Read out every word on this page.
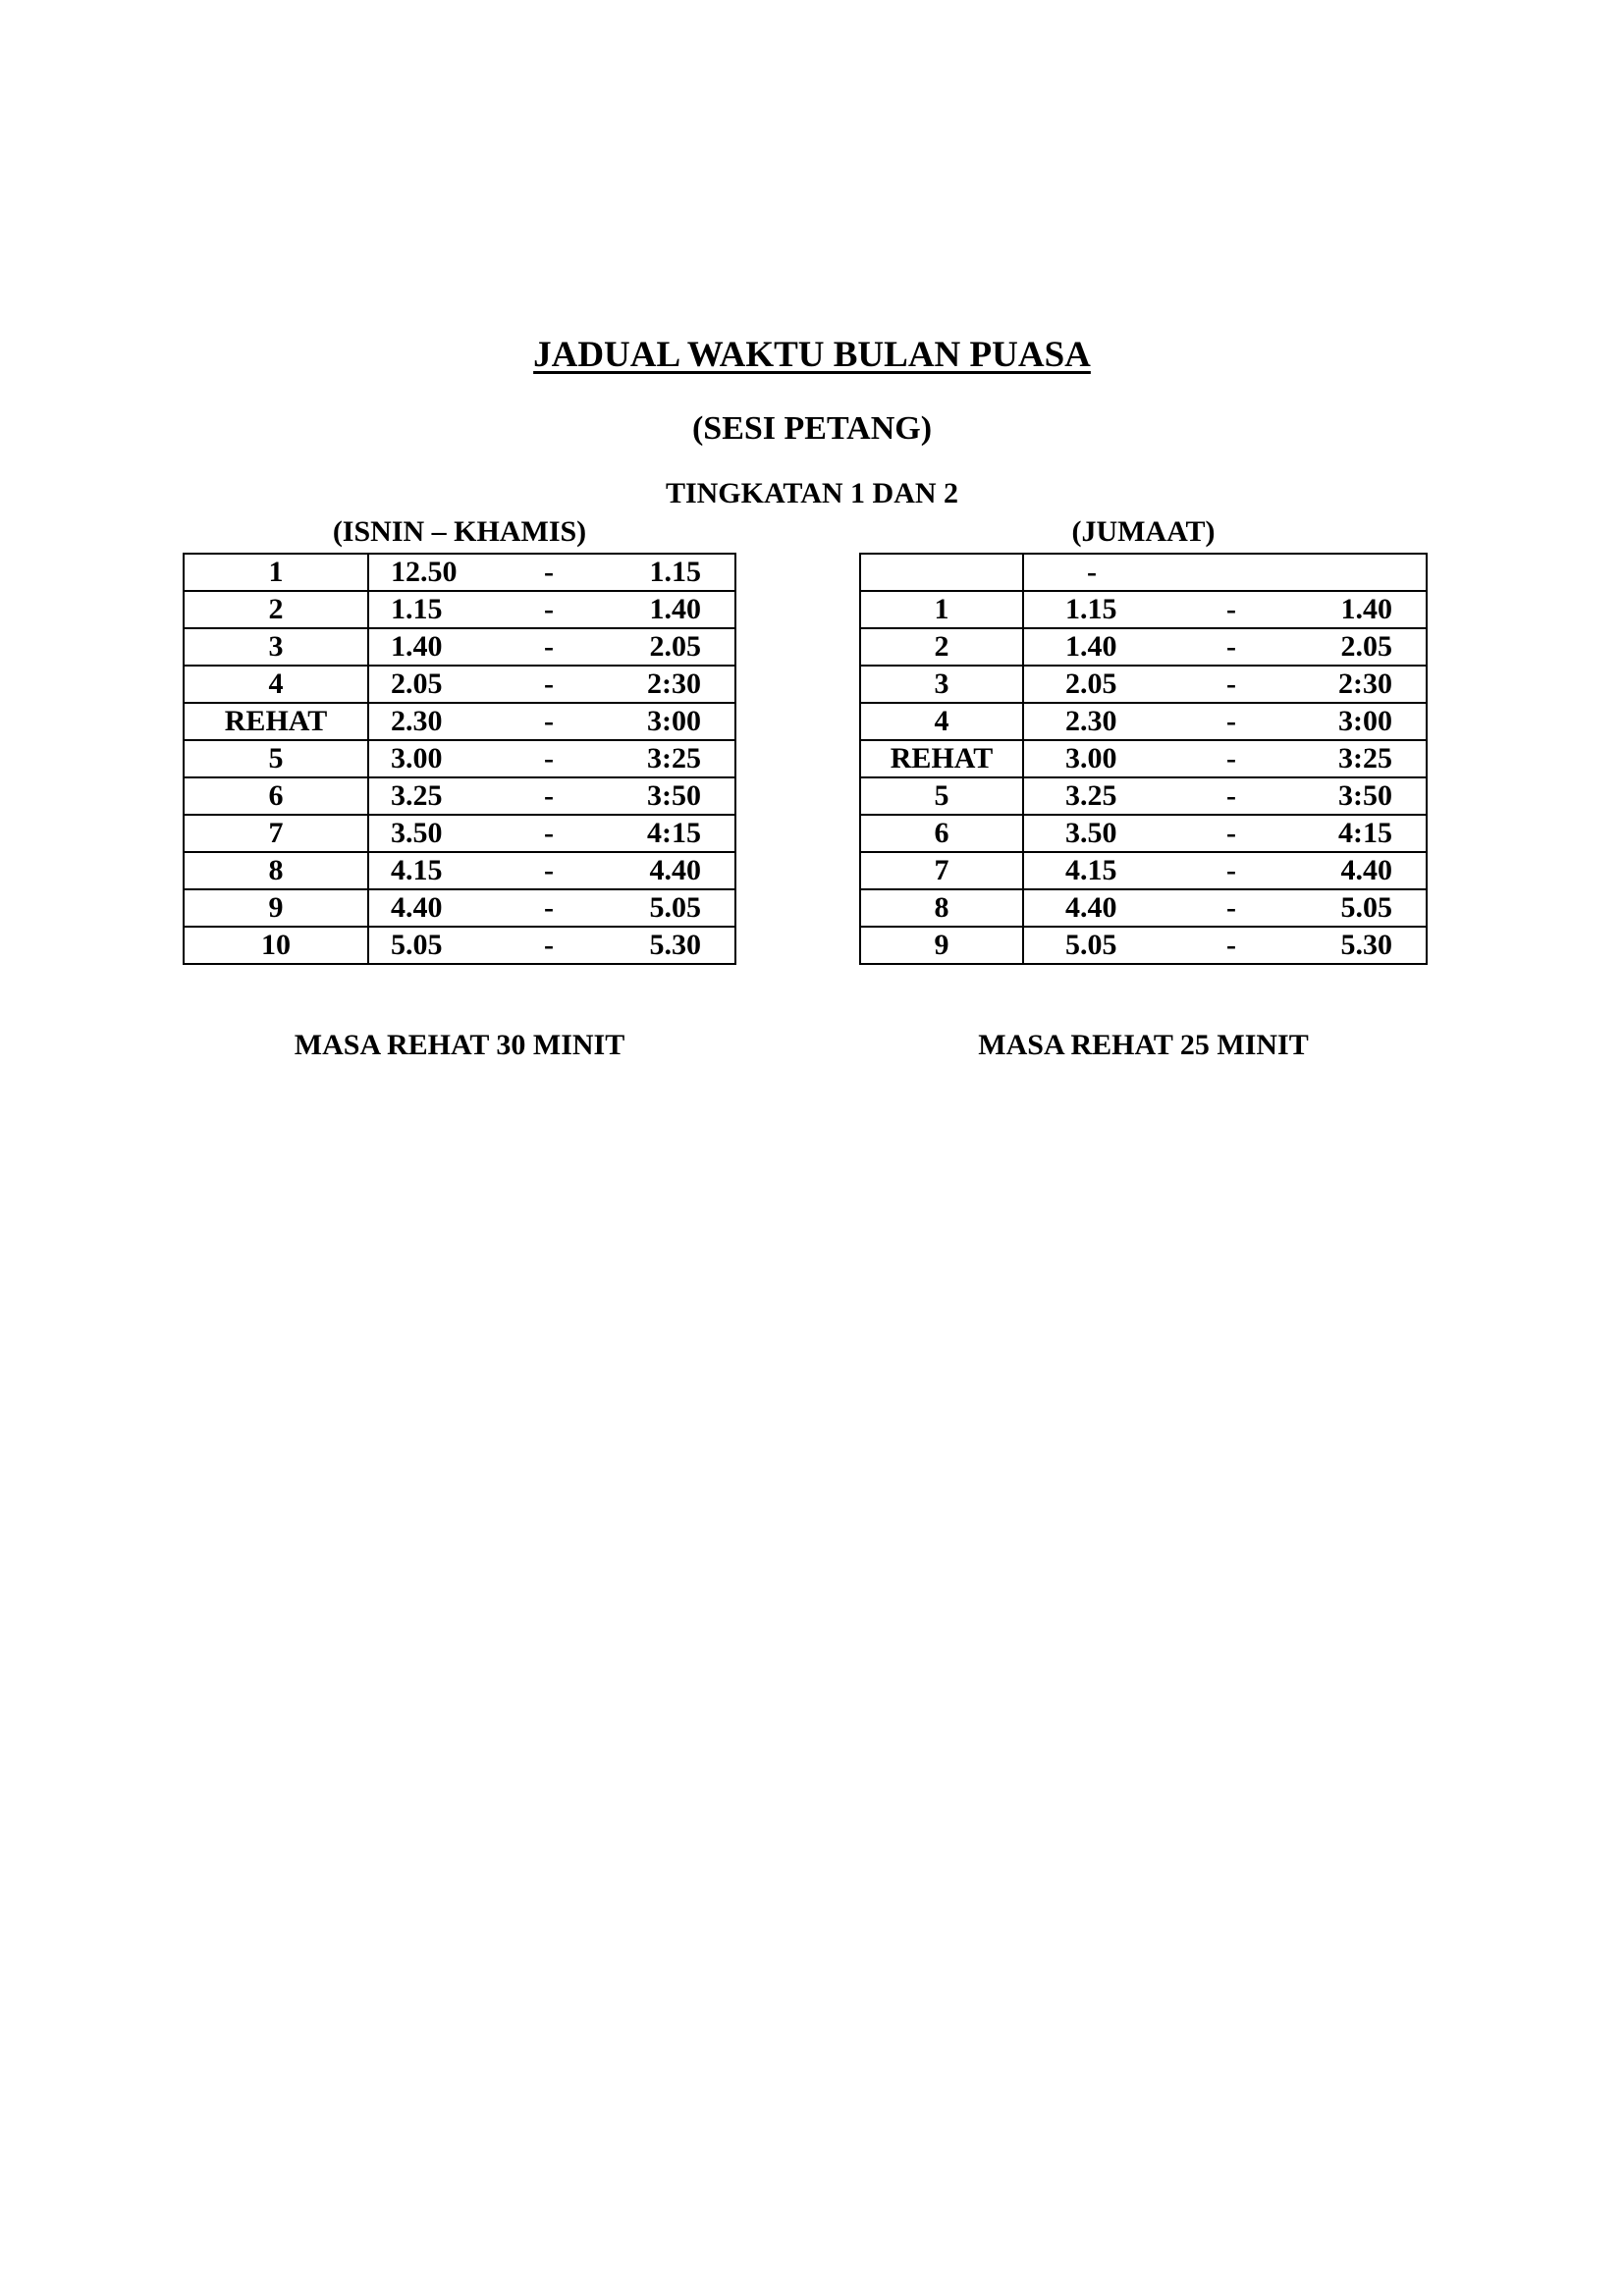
JADUAL WAKTU BULAN PUASA
(SESI PETANG)
TINGKATAN 1 DAN 2
(ISNIN – KHAMIS)	(JUMAAT)
1	12.50 - 1.15

2	1.15 - 1.40

3	1.40 - 2.05

4	2.05 - 2:30

REHAT	2.30 - 3:00

5	3.00 - 3:25

6	3.25 - 3:50

7	3.50 - 4:15

8	4.15 - 4.40

9	4.40 - 5.05

10	5.05 - 5.30

	-

1	1.15 - 1.40

2	1.40 - 2.05

3	2.05 - 2:30

4	2.30 - 3:00

REHAT	3.00 - 3:25

5	3.25 - 3:50

6	3.50 - 4:15

7	4.15 - 4.40

8	4.40 - 5.05

9	5.05 - 5.30
MASA REHAT 30 MINIT	MASA REHAT 25 MINIT
